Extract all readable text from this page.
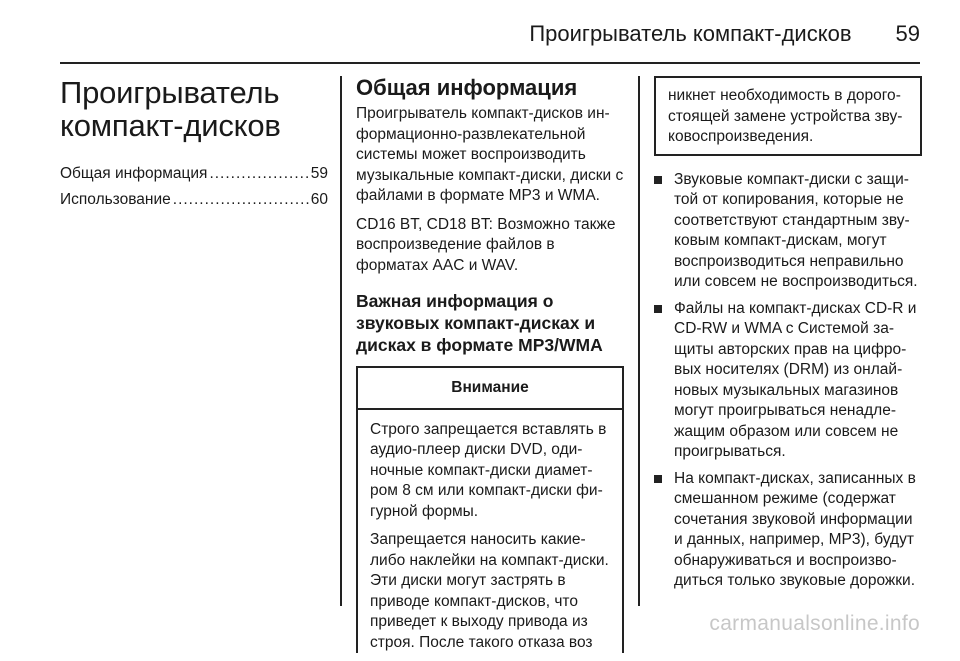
Проигрыватель компакт-дисков 59
Проигрыватель
компакт-дисков
Общая информация .....	59
Использование .....	60
Общая информация

Проигрыватель компакт-дисков информационно-развлекательной системы может воспроизводить музыкальные компакт-диски, диски с файлами в формате MP3 и WMA.

CD16 BT, CD18 BT: Возможно также воспроизведение файлов в форматах AAC и WAV.

Важная информация о звуковых компакт-дисках и дисках в формате MP3/WMA
Внимание

Строго запрещается вставлять в аудио-плеер диски DVD, одиночные компакт-диски диаметром 8 см или компакт-диски фигурной формы.

Запрещается наносить какие-либо наклейки на компакт-диски. Эти диски могут застрять в приводе компакт-дисков, что приведет к выходу привода из строя. После такого отказа воз

никнет необходимость в дорогостоящей замене устройства звуковоспроизведения.

Звуковые компакт-диски с защитой от копирования, которые не соответствуют стандартным звуковым компакт-дискам, могут воспроизводиться неправильно или совсем не воспроизводиться.
Файлы на компакт-дисках CD-R и CD-RW и WMA с Системой защиты авторских прав на цифровых носителях (DRM) из онлайновых музыкальных магазинов могут проигрываться ненадлежащим образом или совсем не проигрываться.
На компакт-дисках, записанных в смешанном режиме (содержат сочетания звуковой информации и данных, например, MP3), будут обнаруживаться и воспроизводиться только звуковые дорожки.
carmanualsonline.info
